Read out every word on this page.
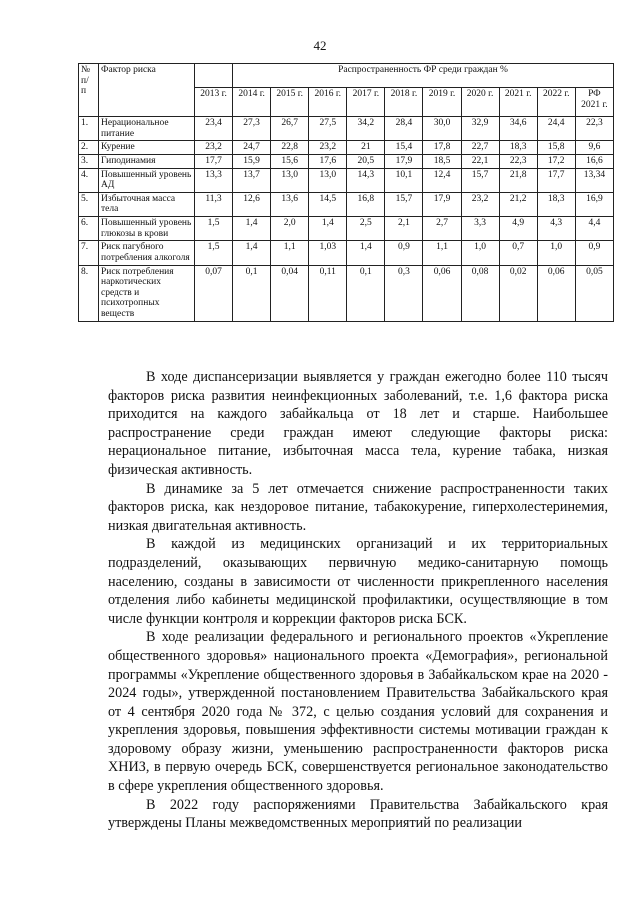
42
№ п/ п	Фактор риска		Распространенность ФР среди граждан %									
		2013 г.	2014 г.	2015 г.	2016 г.	2017 г.	2018 г.	2019 г.	2020 г.	2021 г.	2022 г.	РФ 2021 г.
1.	Нерациональное питание	23,4	27,3	26,7	27,5	34,2	28,4	30,0	32,9	34,6	24,4	22,3
2.	Курение	23,2	24,7	22,8	23,2	21	15,4	17,8	22,7	18,3	15,8	9,6
3.	Гиподинамия	17,7	15,9	15,6	17,6	20,5	17,9	18,5	22,1	22,3	17,2	16,6
4.	Повышенный уровень АД	13,3	13,7	13,0	13,0	14,3	10,1	12,4	15,7	21,8	17,7	13,34
5.	Избыточная масса тела	11,3	12,6	13,6	14,5	16,8	15,7	17,9	23,2	21,2	18,3	16,9
6.	Повышенный уровень глюкозы в крови	1,5	1,4	2,0	1,4	2,5	2,1	2,7	3,3	4,9	4,3	4,4
7.	Риск пагубного потребления алкоголя	1,5	1,4	1,1	1,03	1,4	0,9	1,1	1,0	0,7	1,0	0,9
8.	Риск потребления наркотических средств и психотропных веществ	0,07	0,1	0,04	0,11	0,1	0,3	0,06	0,08	0,02	0,06	0,05

В ходе диспансеризации выявляется у граждан ежегодно более 110 тысяч факторов риска развития неинфекционных заболеваний, т.е. 1,6 фактора риска приходится на каждого забайкальца от 18 лет и старше. Наибольшее распространение среди граждан имеют следующие факторы риска: нерациональное питание, избыточная масса тела, курение табака, низкая физическая активность.

В динамике за 5 лет отмечается снижение распространенности таких факторов риска, как нездоровое питание, табакокурение, гиперхолестеринемия, низкая двигательная активность.

В каждой из медицинских организаций и их территориальных подразделений, оказывающих первичную медико-санитарную помощь населению, созданы в зависимости от численности прикрепленного населения отделения либо кабинеты медицинской профилактики, осуществляющие в том числе функции контроля и коррекции факторов риска БСК.

В ходе реализации федерального и регионального проектов «Укрепление общественного здоровья» национального проекта «Демография», региональной программы «Укрепление общественного здоровья в Забайкальском крае на 2020 - 2024 годы», утвержденной постановлением Правительства Забайкальского края от 4 сентября 2020 года № 372, с целью создания условий для сохранения и укрепления здоровья, повышения эффективности системы мотивации граждан к здоровому образу жизни, уменьшению распространенности факторов риска ХНИЗ, в первую очередь БСК, совершенствуется региональное законодательство в сфере укрепления общественного здоровья.

В 2022 году распоряжениями Правительства Забайкальского края утверждены Планы межведомственных мероприятий по реализации
